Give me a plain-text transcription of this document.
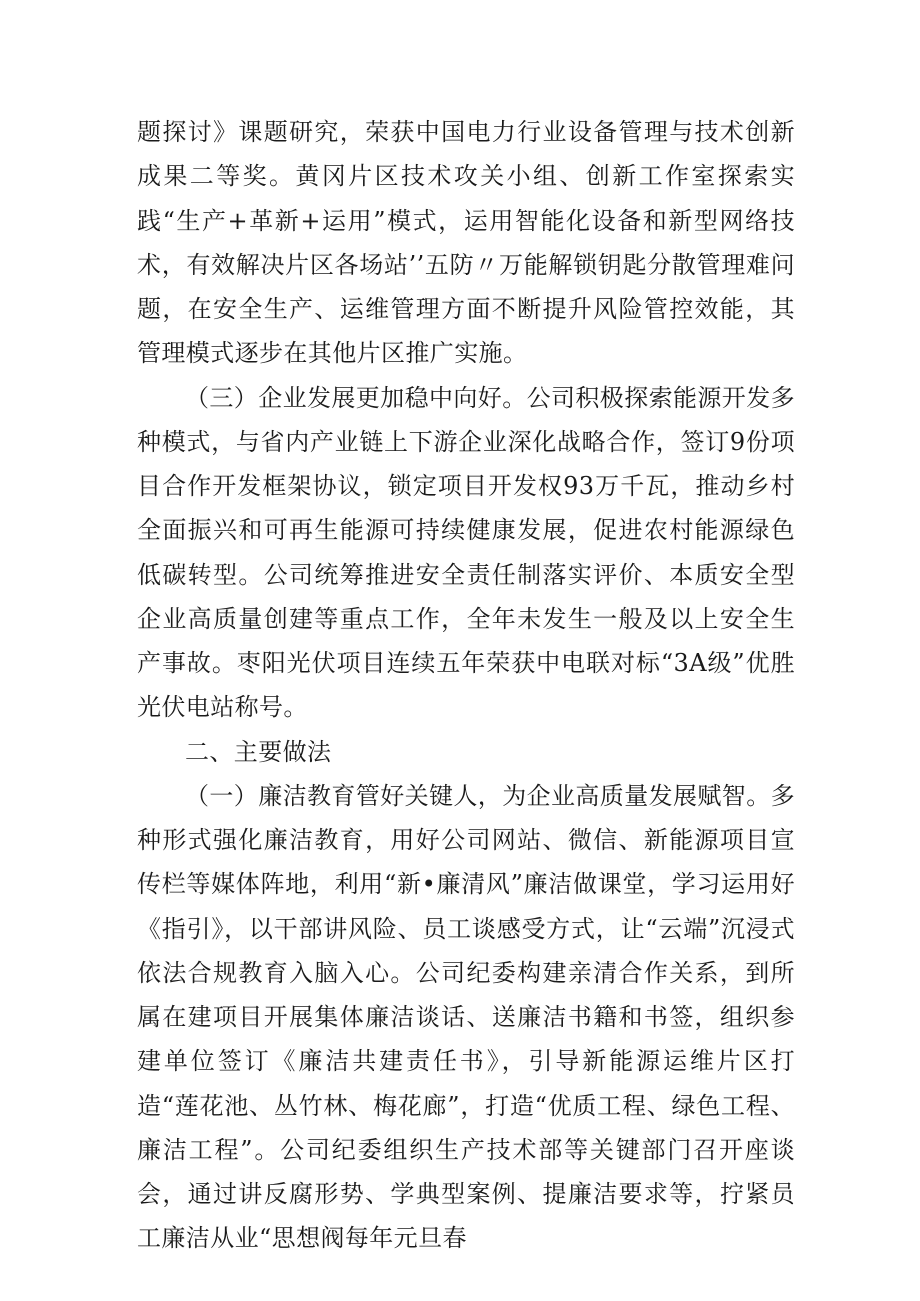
题探讨》课题研究，荣获中国电力行业设备管理与技术创新成果二等奖。黄冈片区技术攻关小组、创新工作室探索实践“生产+革新+运用”模式，运用智能化设备和新型网络技术，有效解决片区各场站’’五防〃万能解锁钥匙分散管理难问题，在安全生产、运维管理方面不断提升风险管控效能，其管理模式逐步在其他片区推广实施。

（三）企业发展更加稳中向好。公司积极探索能源开发多种模式，与省内产业链上下游企业深化战略合作，签订9份项目合作开发框架协议，锁定项目开发权93万千瓦，推动乡村全面振兴和可再生能源可持续健康发展，促进农村能源绿色低碳转型。公司统筹推进安全责任制落实评价、本质安全型企业高质量创建等重点工作，全年未发生一般及以上安全生产事故。枣阳光伏项目连续五年荣获中电联对标“3A级”优胜光伏电站称号。

二、主要做法

（一）廉洁教育管好关键人，为企业高质量发展赋智。多种形式强化廉洁教育，用好公司网站、微信、新能源项目宣传栏等媒体阵地，利用“新•廉清风”廉洁做课堂，学习运用好《指引》，以干部讲风险、员工谈感受方式，让“云端”沉浸式依法合规教育入脑入心。公司纪委构建亲清合作关系，到所属在建项目开展集体廉洁谈话、送廉洁书籍和书签，组织参建单位签订《廉洁共建责任书》，引导新能源运维片区打造“莲花池、丛竹林、梅花廊”，打造“优质工程、绿色工程、廉洁工程”。公司纪委组织生产技术部等关键部门召开座谈会，通过讲反腐形势、学典型案例、提廉洁要求等，拧紧员工廉洁从业“思想阀每年元旦春
